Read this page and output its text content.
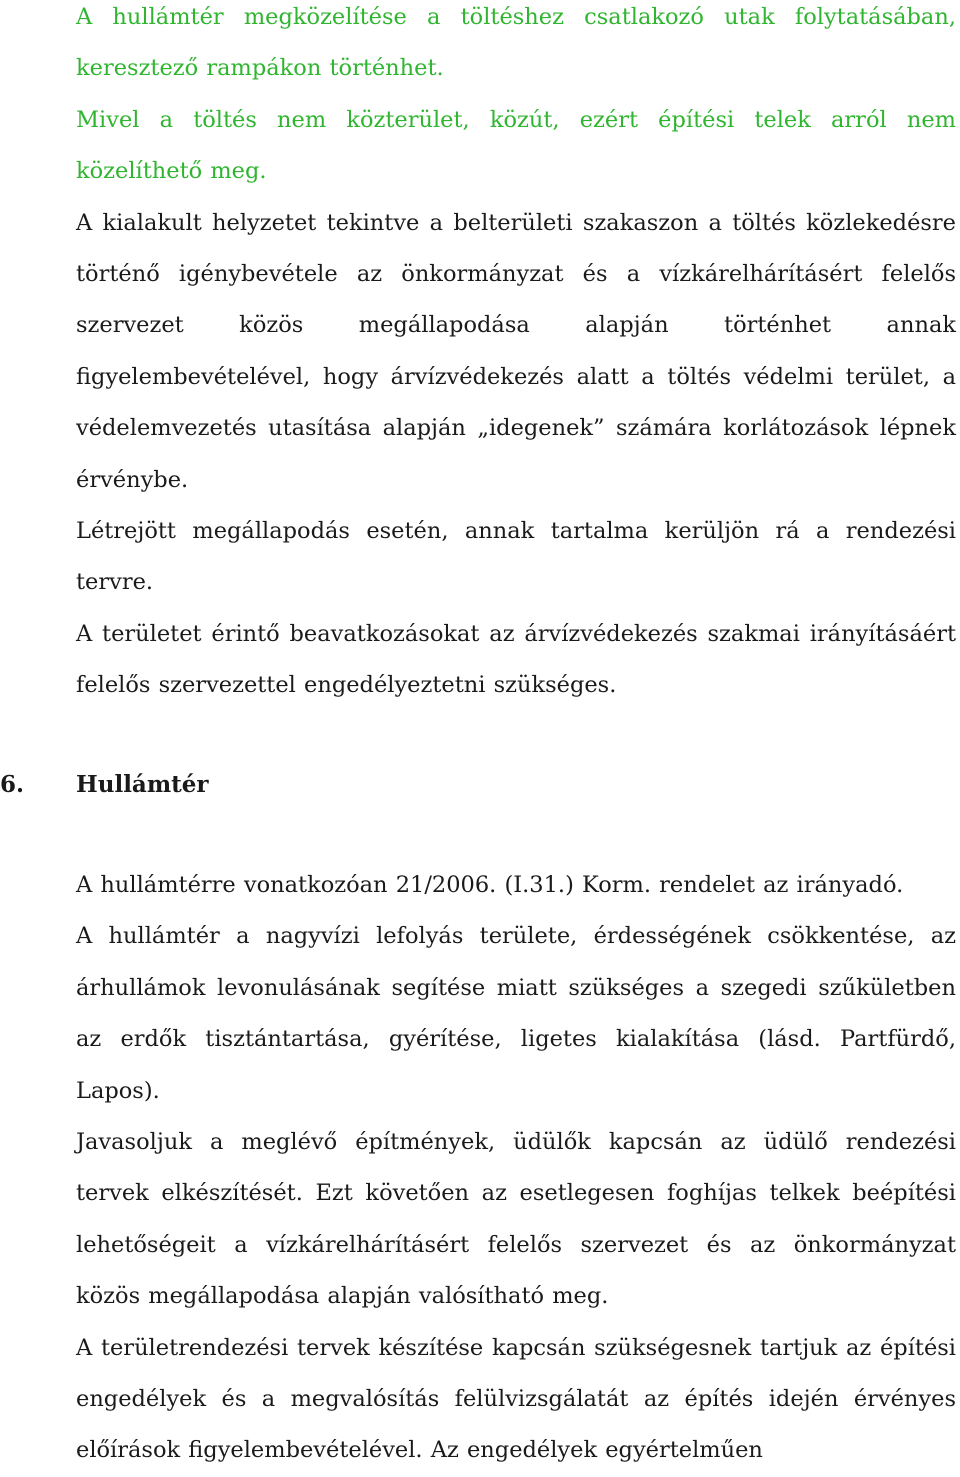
A hullámtér megközelítése a töltéshez csatlakozó utak folytatásában, keresztező rampákon történhet.

Mivel a töltés nem közterület, közút, ezért építési telek arról nem közelíthető meg.

A kialakult helyzetet tekintve a belterületi szakaszon a töltés közlekedésre történő igénybevétele az önkormányzat és a vízkárelhárításért felelős szervezet közös megállapodása alapján történhet annak figyelembevételével, hogy árvízvédekezés alatt a töltés védelmi terület, a védelemvezetés utasítása alapján „idegenek” számára korlátozások lépnek érvénybe.

Létrejött megállapodás esetén, annak tartalma kerüljön rá a rendezési tervre.

A területet érintő beavatkozásokat az árvízvédekezés szakmai irányításáért felelős szervezettel engedélyeztetni szükséges.

6. Hullámtér

A hullámtérre vonatkozóan 21/2006. (I.31.) Korm. rendelet az irányadó.

A hullámtér a nagyvízi lefolyás területe, érdességének csökkentése, az árhullámok levonulásának segítése miatt szükséges a szegedi szűkületben az erdők tisztántartása, gyérítése, ligetes kialakítása (lásd. Partfürdő, Lapos).

Javasoljuk a meglévő építmények, üdülők kapcsán az üdülő rendezési tervek elkészítését. Ezt követően az esetlegesen foghíjas telkek beépítési lehetőségeit a vízkárelhárításért felelős szervezet és az önkormányzat közös megállapodása alapján valósítható meg.

A területrendezési tervek készítése kapcsán szükségesnek tartjuk az építési engedélyek és a megvalósítás felülvizsgálatát az építés idején érvényes előírások figyelembevételével. Az engedélyek egyértelműen
